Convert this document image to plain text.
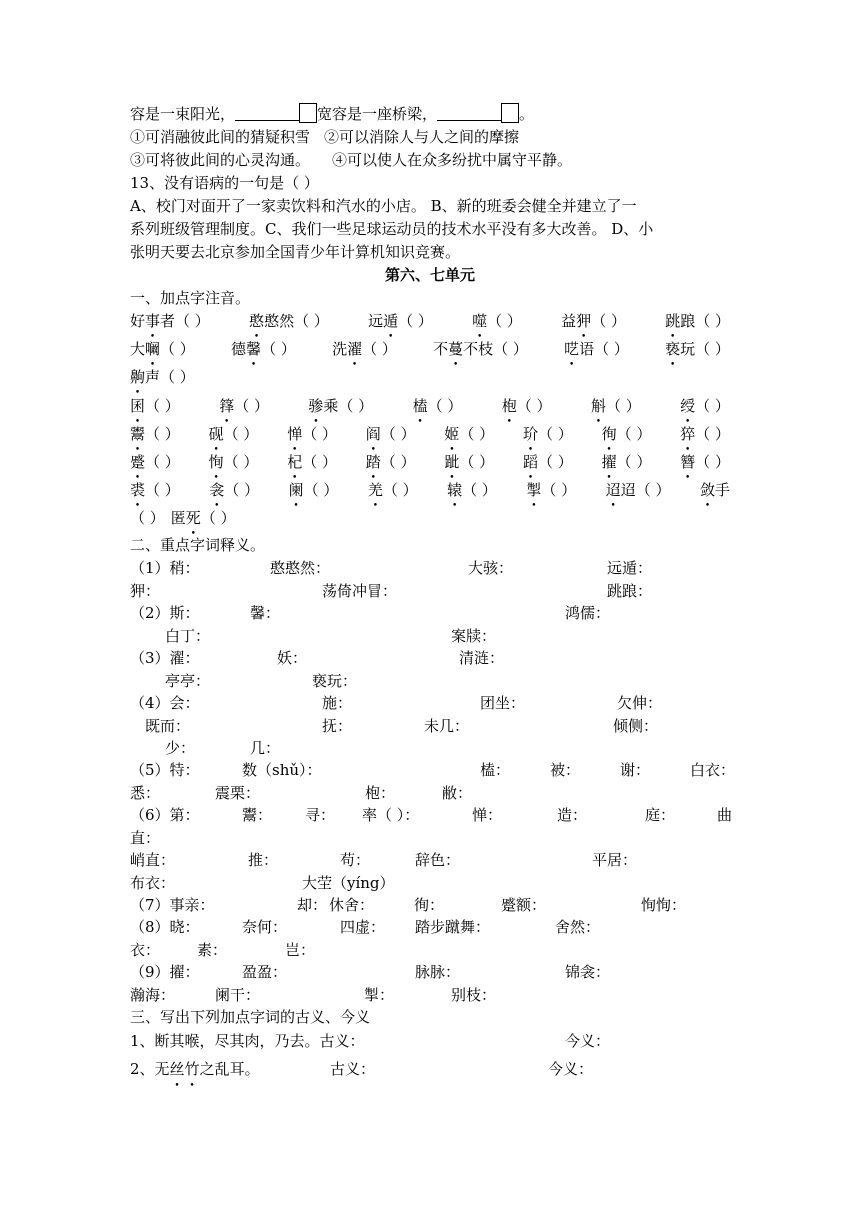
容是一束阳光，	宽容是一座桥梁，	。
①可消融彼此间的猜疑积雪 ②可以消除人与人之间的摩擦
③可将彼此间的心灵沟通。 ④可以使人在众多纷扰中属守平静。
13、没有语病的一句是（ ）
A、校门对面开了一家卖饮料和汽水的小店。 B、新的班委会健全并建立了一
系列班级管理制度。C、我们一些足球运动员的技术水平没有多大改善。 D、小
张明天要去北京参加全国青少年计算机知识竞赛。
第六、七单元
一、加点字注音。
好事者（ ）	憨憨然（ ）	远遁（ ）	噬（ ）	益狎（ ）	跳踉（ ）
大㘎（ ） 德馨（ ） 洗濯（ ） 不蔓不枝（ ） 呓语（ ） 亵玩（ ）
齁声（ ）
囷（ ）	箨（ ）	骖乘（ ）	榼（ ）	枹（ ）	斛（ ）	绶（ ）
鬻（ ） 砚（ ） 惮（ ） 阎（ ） 姬（ ） 玠（ ） 徇（ ） 猝（ ）
蹙（ ） 恂（ ） 杞（ ） 踏（ ） 跐（ ） 蹈（ ） 擢（ ） 簪（ ）
裘（ ） 衾（ ） 阑（ ） 羌（ ） 辕（ ） 掣（ ） 迢迢（ ） 敛手
（ ） 匿死（ ）
二、重点字词释义。
（1）稍：	憨憨然：	大骇：	远遁：
狎：	荡倚冲冒：	跳踉：
（2）斯：	馨：	鸿儒：
白丁：	案牍：
（3）濯：	妖：	清涟：
亭亭：	亵玩：
（4）会：	施：	团坐：	欠伸：
既而：	抚：	未几：	倾侧：
少：	几：
（5）特：	数（shǔ）：	榼：	被：	谢：	白衣：
悉：	震栗：	枹：	敝：
（6）第：	鬻： 寻： 率（ ）：	惮：	造：	庭：	曲
直：
峭直：	推：	苟：	辞色：	平居：
布衣：	大茔（yíng）
（7）事亲：	却： 休舍：	徇：	蹙额：	恂恂：
（8）晓：	奈何：	四虚： 踏步蹴舞：	舍然：
衣： 素：	岂：
（9）擢：	盈盈：	脉脉：	锦衾：
瀚海：	阑干：	掣：	别枝：
三、写出下列加点字词的古义、今义
1、断其喉，尽其肉，乃去。古义：	今义：
2、无丝竹之乱耳。	古义：	今义：
